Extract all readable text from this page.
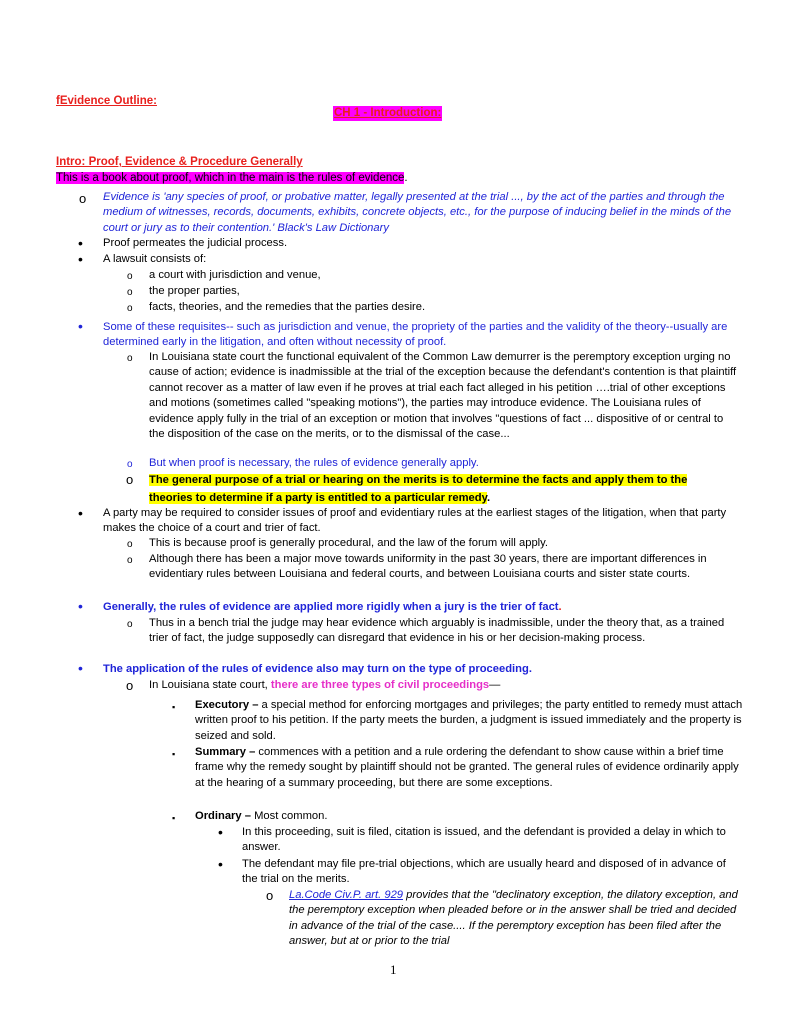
fEvidence Outline:
CH 1 - Introduction:
Intro: Proof, Evidence & Procedure Generally
This is a book about proof, which in the main is the rules of evidence.
o Evidence is 'any species of proof, or probative matter, legally presented at the trial ..., by the act of the parties and through the medium of witnesses, records, documents, exhibits, concrete objects, etc., for the purpose of inducing belief in the minds of the court or jury as to their contention.' Black's Law Dictionary
• Proof permeates the judicial process.
• A lawsuit consists of:
o a court with jurisdiction and venue,
o the proper parties,
o facts, theories, and the remedies that the parties desire.
• Some of these requisites-- such as jurisdiction and venue, the propriety of the parties and the validity of the theory--usually are determined early in the litigation, and often without necessity of proof.
o In Louisiana state court the functional equivalent of the Common Law demurrer is the peremptory exception urging no cause of action; evidence is inadmissible at the trial of the exception because the defendant's contention is that plaintiff cannot recover as a matter of law even if he proves at trial each fact alleged in his petition ….trial of other exceptions and motions (sometimes called "speaking motions"), the parties may introduce evidence. The Louisiana rules of evidence apply fully in the trial of an exception or motion that involves "questions of fact ... dispositive of or central to the disposition of the case on the merits, or to the dismissal of the case...
o But when proof is necessary, the rules of evidence generally apply.
o The general purpose of a trial or hearing on the merits is to determine the facts and apply them to the theories to determine if a party is entitled to a particular remedy.
• A party may be required to consider issues of proof and evidentiary rules at the earliest stages of the litigation, when that party makes the choice of a court and trier of fact.
o This is because proof is generally procedural, and the law of the forum will apply.
o Although there has been a major move towards uniformity in the past 30 years, there are important differences in evidentiary rules between Louisiana and federal courts, and between Louisiana courts and sister state courts.
• Generally, the rules of evidence are applied more rigidly when a jury is the trier of fact.
o Thus in a bench trial the judge may hear evidence which arguably is inadmissible, under the theory that, as a trained trier of fact, the judge supposedly can disregard that evidence in his or her decision-making process.
• The application of the rules of evidence also may turn on the type of proceeding.
o In Louisiana state court, there are three types of civil proceedings—
▪ Executory – a special method for enforcing mortgages and privileges; the party entitled to remedy must attach written proof to his petition. If the party meets the burden, a judgment is issued immediately and the property is seized and sold.
▪ Summary – commences with a petition and a rule ordering the defendant to show cause within a brief time frame why the remedy sought by plaintiff should not be granted. The general rules of evidence ordinarily apply at the hearing of a summary proceeding, but there are some exceptions.
▪ Ordinary – Most common.
• In this proceeding, suit is filed, citation is issued, and the defendant is provided a delay in which to answer.
• The defendant may file pre-trial objections, which are usually heard and disposed of in advance of the trial on the merits.
o La.Code Civ.P. art. 929 provides that the "declinatory exception, the dilatory exception, and the peremptory exception when pleaded before or in the answer shall be tried and decided in advance of the trial of the case.... If the peremptory exception has been filed after the answer, but at or prior to the trial
1
